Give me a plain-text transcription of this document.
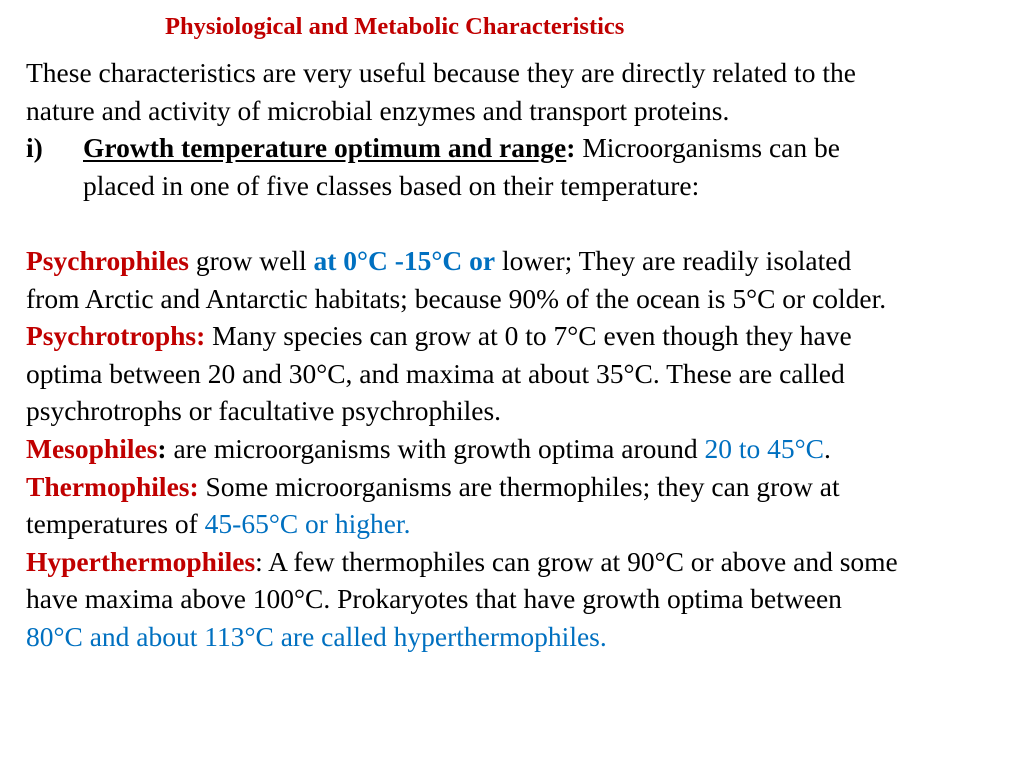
Physiological and Metabolic Characteristics
These characteristics are very useful because they are directly related to the
nature and activity of microbial enzymes and transport proteins.
i) Growth temperature optimum and range: Microorganisms can be
placed in one of five classes based on their temperature:
Psychrophiles grow well at 0°C -15°C or lower; They are readily isolated
from Arctic and Antarctic habitats; because 90% of the ocean is 5°C or colder.
Psychrotrophs: Many species can grow at 0 to 7°C even though they have
optima between 20 and 30°C, and maxima at about 35°C. These are called
psychrotrophs or facultative psychrophiles.
Mesophiles: are microorganisms with growth optima around 20 to 45°C.
Thermophiles: Some microorganisms are thermophiles; they can grow at
temperatures of 45-65°C or higher.
Hyperthermophiles: A few thermophiles can grow at 90°C or above and some
have maxima above 100°C. Prokaryotes that have growth optima between
80°C and about 113°C are called hyperthermophiles.
